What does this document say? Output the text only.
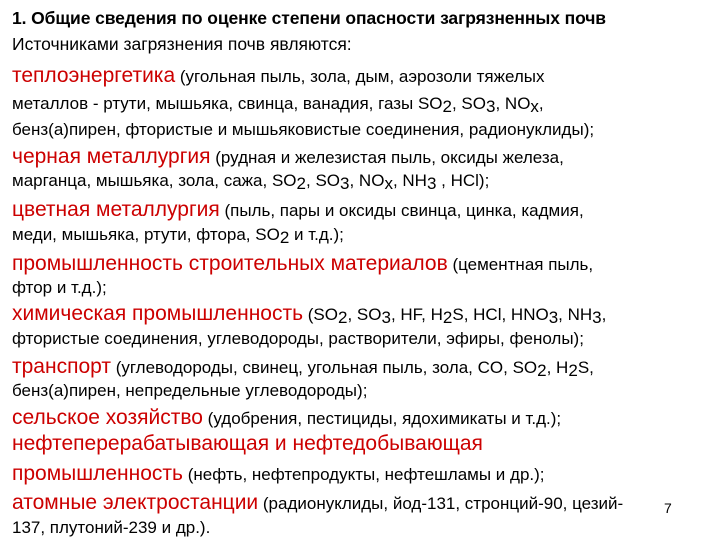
1. Общие сведения по оценке степени опасности загрязненных почв
Источниками загрязнения почв являются:
теплоэнергетика (угольная пыль, зола, дым, аэрозоли тяжелых
металлов - ртути, мышьяка, свинца, ванадия, газы $SO_2$, $SO_3$, $NO_x$,
бенз(а)пирен, фтористые и мышьяковистые соединения, радионуклиды);
черная металлургия (рудная и железистая пыль, оксиды железа,
марганца, мышьяка, зола, сажа, $SO_2$, $SO_3$, $NO_x$, $NH_3$ , HCl);
цветная металлургия (пыль, пары и оксиды свинца, цинка, кадмия,
меди, мышьяка, ртути, фтора, $SO_2$ и т.д.);
промышленность строительных материалов (цементная пыль,
фтор и т.д.);
химическая промышленность ($SO_2$, $SO_3$, HF, $H_2S$, HCl, $HNO_3$, $NH_3$,
фтористые соединения, углеводороды, растворители, эфиры, фенолы);
транспорт (углеводороды, свинец, угольная пыль, зола, CO, $SO_2$, $H_2S$,
бенз(а)пирен, непредельные углеводороды);
сельское хозяйство (удобрения, пестициды, ядохимикаты и т.д.);
нефтеперерабатывающая и нефтедобывающая
промышленность (нефть, нефтепродукты, нефтешламы и др.);
атомные электростанции (радионуклиды, йод-131, стронций-90, цезий-
137, плутоний-239 и др.).
7
